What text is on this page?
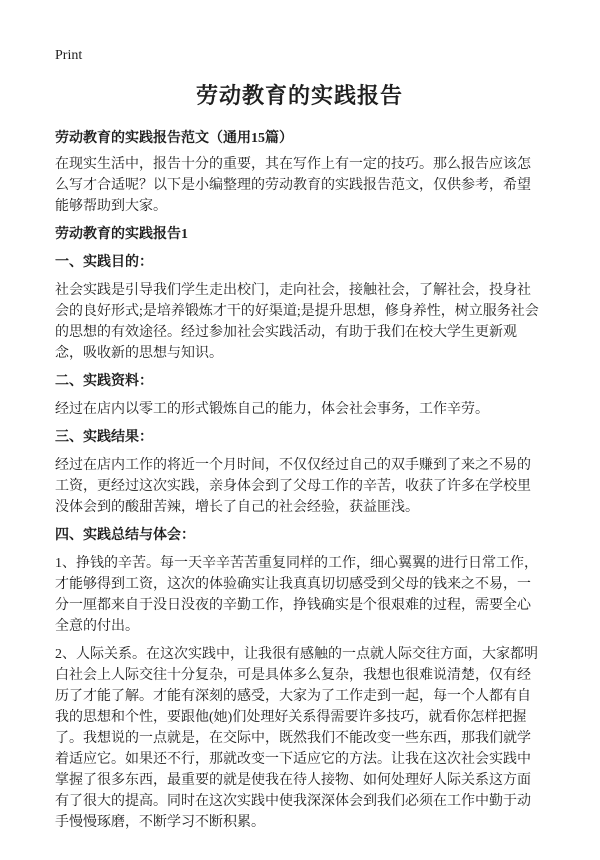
Print
劳动教育的实践报告
劳动教育的实践报告范文（通用15篇）

在现实生活中，报告十分的重要，其在写作上有一定的技巧。那么报告应该怎么写才合适呢？以下是小编整理的劳动教育的实践报告范文，仅供参考，希望能够帮助到大家。

劳动教育的实践报告1
一、实践目的：

社会实践是引导我们学生走出校门，走向社会，接触社会，了解社会，投身社会的良好形式;是培养锻炼才干的好渠道;是提升思想，修身养性，树立服务社会的思想的有效途径。经过参加社会实践活动，有助于我们在校大学生更新观念，吸收新的思想与知识。

二、实践资料：

经过在店内以零工的形式锻炼自己的能力，体会社会事务，工作辛劳。

三、实践结果：

经过在店内工作的将近一个月时间，不仅仅经过自己的双手赚到了来之不易的工资，更经过这次实践，亲身体会到了父母工作的辛苦，收获了许多在学校里没体会到的酸甜苦辣，增长了自己的社会经验，获益匪浅。

四、实践总结与体会：

1、挣钱的辛苦。每一天辛辛苦苦重复同样的工作，细心翼翼的进行日常工作，才能够得到工资，这次的体验确实让我真真切切感受到父母的钱来之不易，一分一厘都来自于没日没夜的辛勤工作，挣钱确实是个很艰难的过程，需要全心全意的付出。

2、人际关系。在这次实践中，让我很有感触的一点就人际交往方面，大家都明白社会上人际交往十分复杂，可是具体多么复杂，我想也很难说清楚，仅有经历了才能了解。才能有深刻的感受，大家为了工作走到一起，每一个人都有自我的思想和个性，要跟他(她)们处理好关系得需要许多技巧，就看你怎样把握了。我想说的一点就是，在交际中，既然我们不能改变一些东西，那我们就学着适应它。如果还不行，那就改变一下适应它的方法。让我在这次社会实践中掌握了很多东西，最重要的就是使我在待人接物、如何处理好人际关系这方面有了很大的提高。同时在这次实践中使我深深体会到我们必须在工作中勤于动手慢慢琢磨，不断学习不断积累。
